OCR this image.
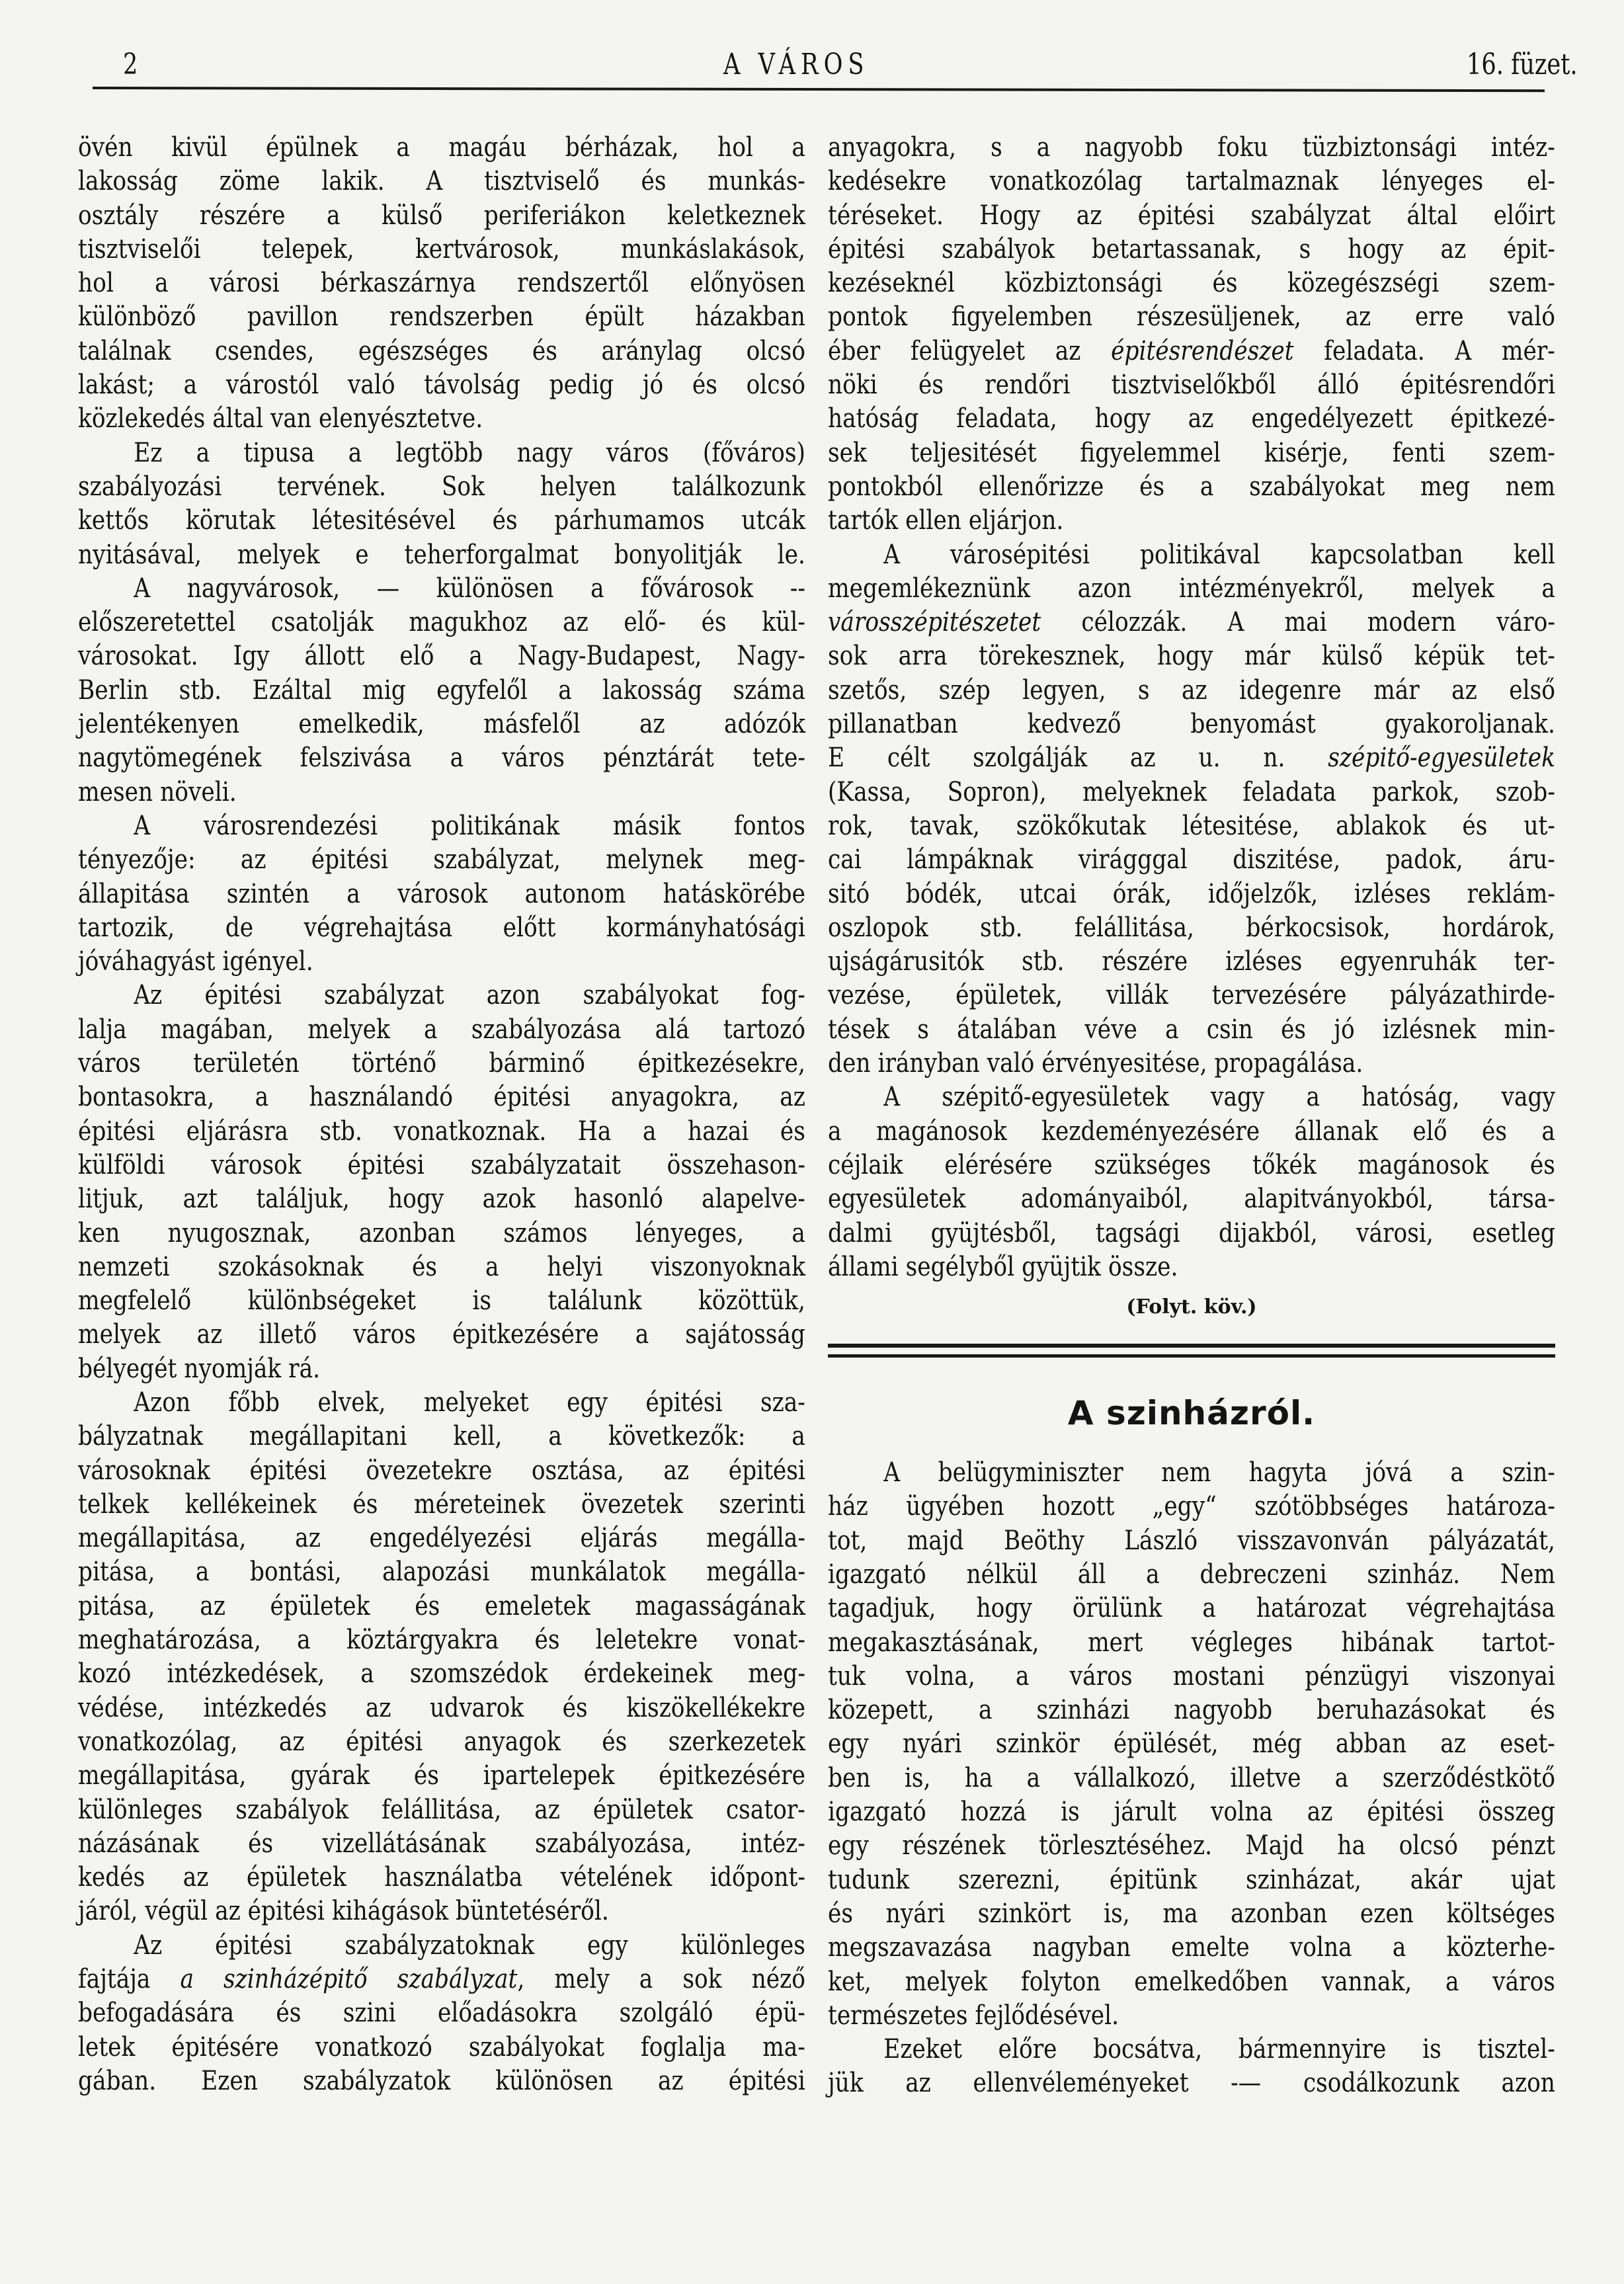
2	A VÁROS	16. füzet.
övén kivül épülnek a magáu bérházak, hol a
lakosság zöme lakik. A tisztviselő és munkás-
osztály részére a külső periferiákon keletkeznek
tisztviselői telepek, kertvárosok, munkáslakások,
hol a városi bérkaszárnya rendszertől előnyösen
különböző pavillon rendszerben épült házakban
találnak csendes, egészséges és aránylag olcsó
lakást; a várostól való távolság pedig jó és olcsó
közlekedés által van elenyésztetve.
Ez a tipusa a legtöbb nagy város (főváros)
szabályozási tervének. Sok helyen találkozunk
kettős körutak létesitésével és párhumamos utcák
nyitásával, melyek e teherforgalmat bonyolitják le.
A nagyvárosok, — különösen a fővárosok --
előszeretettel csatolják magukhoz az elő- és kül-
városokat. Igy állott elő a Nagy-Budapest, Nagy-
Berlin stb. Ezáltal mig egyfelől a lakosság száma
jelentékenyen emelkedik, másfelől az adózók
nagytömegének felszivása a város pénztárát tete-
mesen növeli.
A városrendezési politikának másik fontos
tényezője: az épitési szabályzat, melynek meg-
állapitása szintén a városok autonom hatáskörébe
tartozik, de végrehajtása előtt kormányhatósági
jóváhagyást igényel.
Az épitési szabályzat azon szabályokat fog-
lalja magában, melyek a szabályozása alá tartozó
város területén történő bárminő épitkezésekre,
bontasokra, a használandó épitési anyagokra, az
épitési eljárásra stb. vonatkoznak. Ha a hazai és
külföldi városok épitési szabályzatait összehason-
litjuk, azt találjuk, hogy azok hasonló alapelve-
ken nyugosznak, azonban számos lényeges, a
nemzeti szokásoknak és a helyi viszonyoknak
megfelelő különbségeket is találunk közöttük,
melyek az illető város épitkezésére a sajátosság
bélyegét nyomják rá.
Azon főbb elvek, melyeket egy épitési sza-
bályzatnak megállapitani kell, a következők: a
városoknak épitési övezetekre osztása, az épitési
telkek kellékeinek és méreteinek övezetek szerinti
megállapitása, az engedélyezési eljárás megálla-
pitása, a bontási, alapozási munkálatok megálla-
pitása, az épületek és emeletek magasságának
meghatározása, a köztárgyakra és leletekre vonat-
kozó intézkedések, a szomszédok érdekeinek meg-
védése, intézkedés az udvarok és kiszökellékekre
vonatkozólag, az épitési anyagok és szerkezetek
megállapitása, gyárak és ipartelepek épitkezésére
különleges szabályok felállitása, az épületek csator-
názásának és vizellátásának szabályozása, intéz-
kedés az épületek használatba vételének időpont-
járól, végül az épitési kihágások büntetéséről.
Az épitési szabályzatoknak egy különleges
fajtája a szinházépitő szabályzat, mely a sok néző
befogadására és szini előadásokra szolgáló épü-
letek épitésére vonatkozó szabályokat foglalja ma-
gában. Ezen szabályzatok különösen az épitési
anyagokra, s a nagyobb foku tüzbiztonsági intéz-
kedésekre vonatkozólag tartalmaznak lényeges el-
téréseket. Hogy az épitési szabályzat által előirt
épitési szabályok betartassanak, s hogy az épit-
kezéseknél közbiztonsági és közegészségi szem-
pontok figyelemben részesüljenek, az erre való
éber felügyelet az épitésrendészet feladata. A mér-
nöki és rendőri tisztviselőkből álló épitésrendőri
hatóság feladata, hogy az engedélyezett épitkezé-
sek teljesitését figyelemmel kisérje, fenti szem-
pontokból ellenőrizze és a szabályokat meg nem
tartók ellen eljárjon.
A városépitési politikával kapcsolatban kell
megemlékeznünk azon intézményekről, melyek a
városszépitészetet célozzák. A mai modern váro-
sok arra törekesznek, hogy már külső képük tet-
szetős, szép legyen, s az idegenre már az első
pillanatban kedvező benyomást gyakoroljanak.
E célt szolgálják az u. n. szépitő-egyesületek
(Kassa, Sopron), melyeknek feladata parkok, szob-
rok, tavak, szökőkutak létesitése, ablakok és ut-
cai lámpáknak virágggal diszitése, padok, áru-
sitó bódék, utcai órák, időjelzők, izléses reklám-
oszlopok stb. felállitása, bérkocsisok, hordárok,
ujságárusitók stb. részére izléses egyenruhák ter-
vezése, épületek, villák tervezésére pályázathirde-
tések s átalában véve a csin és jó izlésnek min-
den irányban való érvényesitése, propagálása.
A szépitő-egyesületek vagy a hatóság, vagy
a magánosok kezdeményezésére állanak elő és a
céjlaik elérésére szükséges tőkék magánosok és
egyesületek adományaiból, alapitványokból, társa-
dalmi gyüjtésből, tagsági dijakból, városi, esetleg
állami segélyből gyüjtik össze.
(Folyt. köv.)
A szinházról.
A belügyminiszter nem hagyta jóvá a szin-
ház ügyében hozott „egy“ szótöbbséges határoza-
tot, majd Beöthy László visszavonván pályázatát,
igazgató nélkül áll a debreczeni szinház. Nem
tagadjuk, hogy örülünk a határozat végrehajtása
megakasztásának, mert végleges hibának tartot-
tuk volna, a város mostani pénzügyi viszonyai
közepett, a szinházi nagyobb beruhazásokat és
egy nyári szinkör épülését, még abban az eset-
ben is, ha a vállalkozó, illetve a szerződéstkötő
igazgató hozzá is járult volna az épitési összeg
egy részének törlesztéséhez. Majd ha olcsó pénzt
tudunk szerezni, épitünk szinházat, akár ujat
és nyári szinkört is, ma azonban ezen költséges
megszavazása nagyban emelte volna a közterhe-
ket, melyek folyton emelkedőben vannak, a város
természetes fejlődésével.
Ezeket előre bocsátva, bármennyire is tisztel-
jük az ellenvéleményeket -— csodálkozunk azon
